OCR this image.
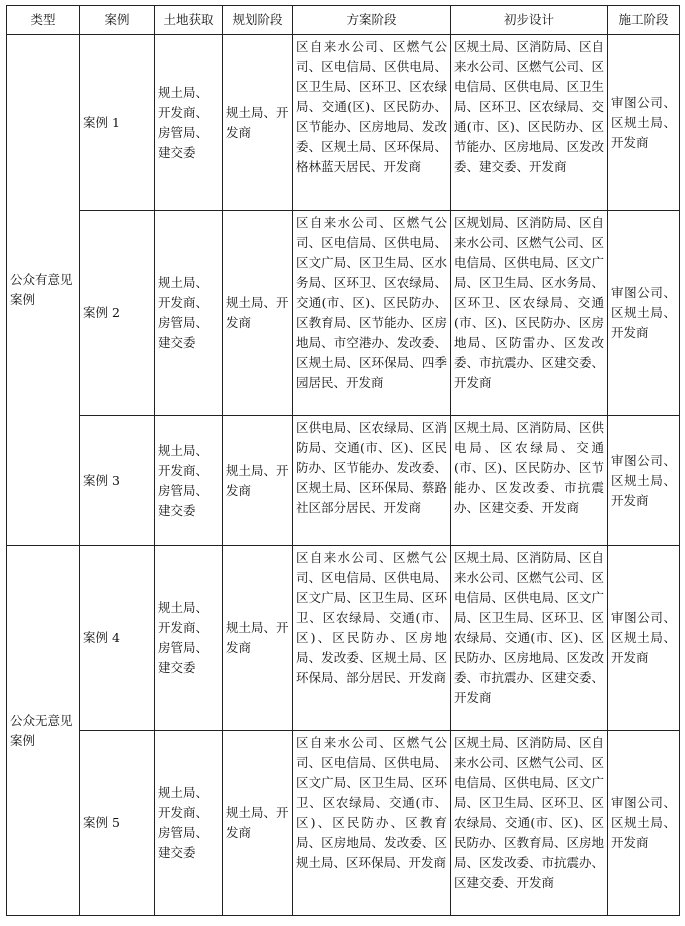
类型	案例	土地获取	规划阶段	方案阶段	初步设计	施工阶段
公众有意见案例	案例 1	规土局、开发商、房管局、建交委	规土局、开发商	区自来水公司、区燃气公司、区电信局、区供电局、区卫生局、区环卫、区农绿局、交通(区)、区民防办、区节能办、区房地局、发改委、区规土局、区环保局、格林蓝天居民、开发商	区规土局、区消防局、区自来水公司、区燃气公司、区电信局、区供电局、区卫生局、区环卫、区农绿局、交通(市、区)、区民防办、区节能办、区房地局、区发改委、建交委、开发商	审图公司、区规土局、开发商
	案例 2	规土局、开发商、房管局、建交委	规土局、开发商	区自来水公司、区燃气公司、区电信局、区供电局、区文广局、区卫生局、区水务局、区环卫、区农绿局、交通(市、区)、区民防办、区教育局、区节能办、区房地局、市空港办、发改委、区规土局、区环保局、四季园居民、开发商	区规划局、区消防局、区自来水公司、区燃气公司、区电信局、区供电局、区文广局、区卫生局、区水务局、区环卫、区农绿局、交通(市、区)、区民防办、区房地局、区防雷办、区发改委、市抗震办、区建交委、开发商	审图公司、区规土局、开发商
	案例 3	规土局、开发商、房管局、建交委	规土局、开发商	区供电局、区农绿局、区消防局、交通(市、区)、区民防办、区节能办、发改委、区规土局、区环保局、蔡路社区部分居民、开发商	区规土局、区消防局、区供电局、区农绿局、交通(市、区)、区民防办、区节能办、区发改委、市抗震办、区建交委、开发商	审图公司、区规土局、开发商
公众无意见案例	案例 4	规土局、开发商、房管局、建交委	规土局、开发商	区自来水公司、区燃气公司、区电信局、区供电局、区文广局、区卫生局、区环卫、区农绿局、交通(市、区)、区民防办、区房地局、发改委、区规土局、区环保局、部分居民、开发商	区规土局、区消防局、区自来水公司、区燃气公司、区电信局、区供电局、区文广局、区卫生局、区环卫、区农绿局、交通(市、区)、区民防办、区房地局、区发改委、市抗震办、区建交委、开发商	审图公司、区规土局、开发商
	案例 5	规土局、开发商、房管局、建交委	规土局、开发商	区自来水公司、区燃气公司、区电信局、区供电局、区文广局、区卫生局、区环卫、区农绿局、交通(市、区)、区民防办、区教育局、区房地局、发改委、区规土局、区环保局、开发商	区规土局、区消防局、区自来水公司、区燃气公司、区电信局、区供电局、区文广局、区卫生局、区环卫、区农绿局、交通(市、区)、区民防办、区教育局、区房地局、区发改委、市抗震办、区建交委、开发商	审图公司、区规土局、开发商
